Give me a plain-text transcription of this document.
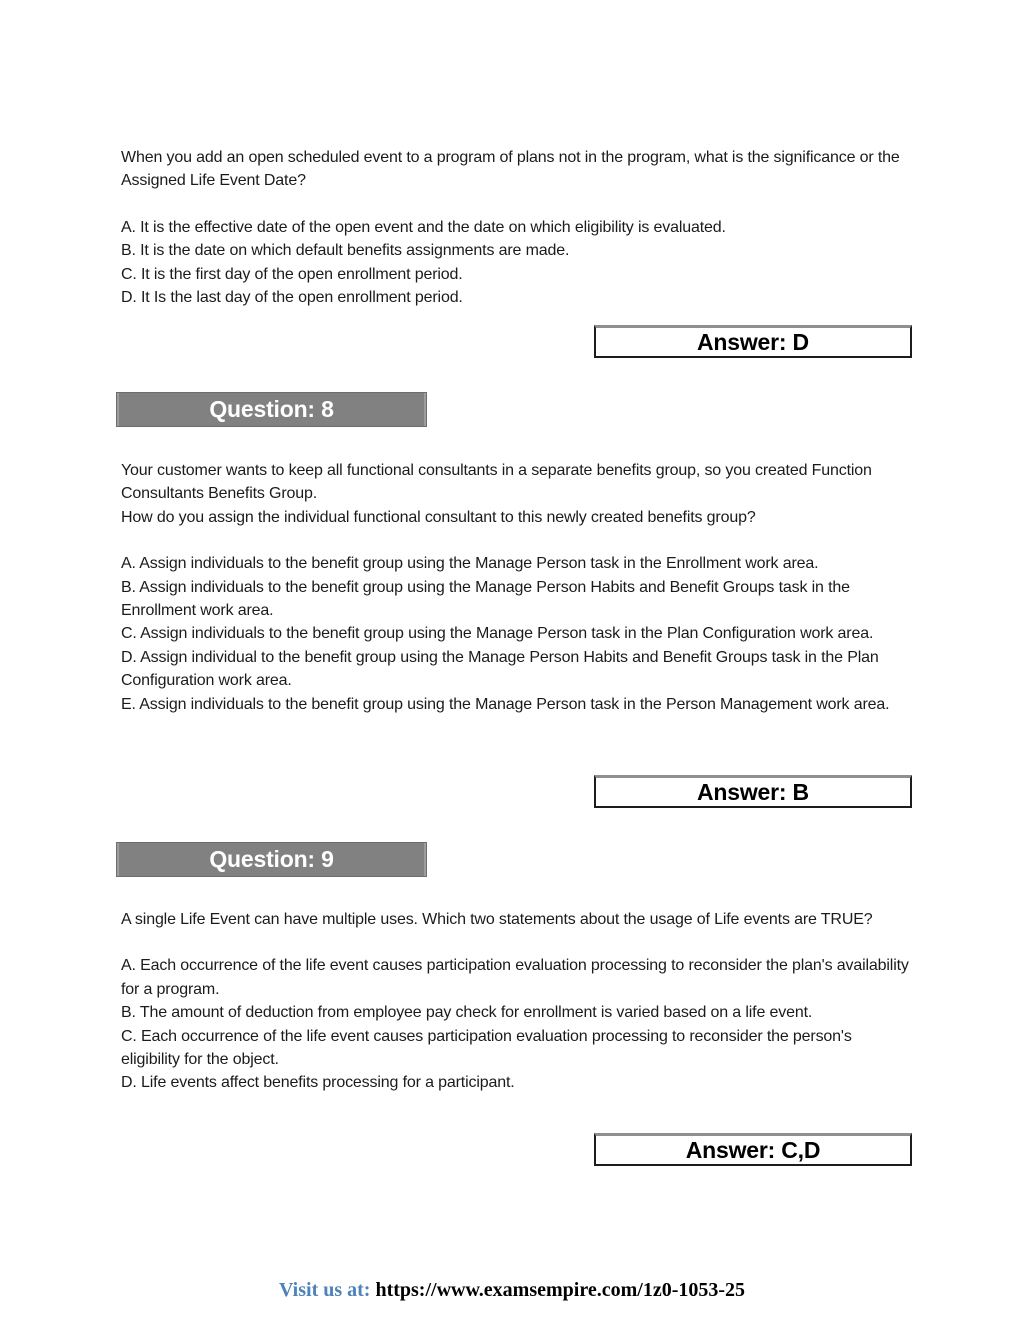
When you add an open scheduled event to a program of plans not in the program, what is the significance or the Assigned Life Event Date?

A. It is the effective date of the open event and the date on which eligibility is evaluated.

B. It is the date on which default benefits assignments are made.

C. It is the first day of the open enrollment period.

D. It Is the last day of the open enrollment period.

Answer: D
Question: 8

Your customer wants to keep all functional consultants in a separate benefits group, so you created Function Consultants Benefits Group.

How do you assign the individual functional consultant to this newly created benefits group?

A. Assign individuals to the benefit group using the Manage Person task in the Enrollment work area.

B. Assign individuals to the benefit group using the Manage Person Habits and Benefit Groups task in the Enrollment work area.

C. Assign individuals to the benefit group using the Manage Person task in the Plan Configuration work area.

D. Assign individual to the benefit group using the Manage Person Habits and Benefit Groups task in the Plan Configuration work area.

E. Assign individuals to the benefit group using the Manage Person task in the Person Management work area.

Answer: B
Question: 9

A single Life Event can have multiple uses. Which two statements about the usage of Life events are TRUE?

A. Each occurrence of the life event causes participation evaluation processing to reconsider the plan's availability for a program.

B. The amount of deduction from employee pay check for enrollment is varied based on a life event.

C. Each occurrence of the life event causes participation evaluation processing to reconsider the person's eligibility for the object.

D. Life events affect benefits processing for a participant.

Answer: C,D
Visit us at: https://www.examsempire.com/1z0-1053-25
